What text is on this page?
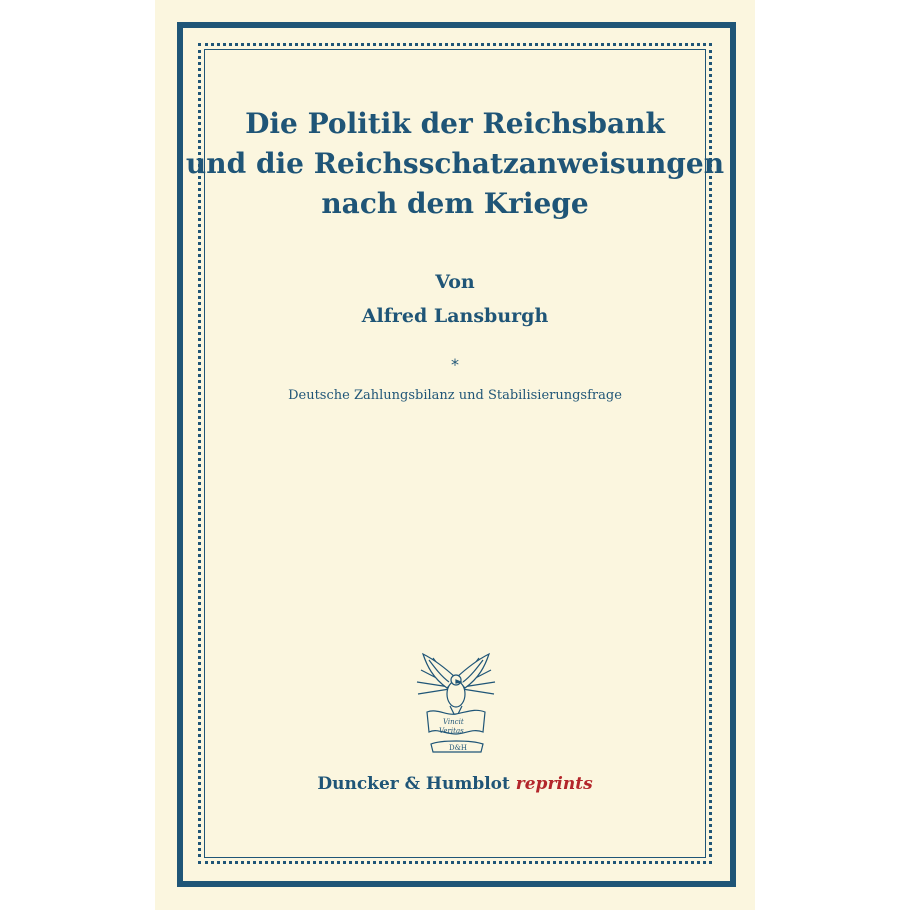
Die Politik der Reichsbank
und die Reichsschatzanweisungen
nach dem Kriege
Von
Alfred Lansburgh
*
Deutsche Zahlungsbilanz und Stabilisierungsfrage
Vincit
Veritas
D&H
Duncker & Humblot reprints
